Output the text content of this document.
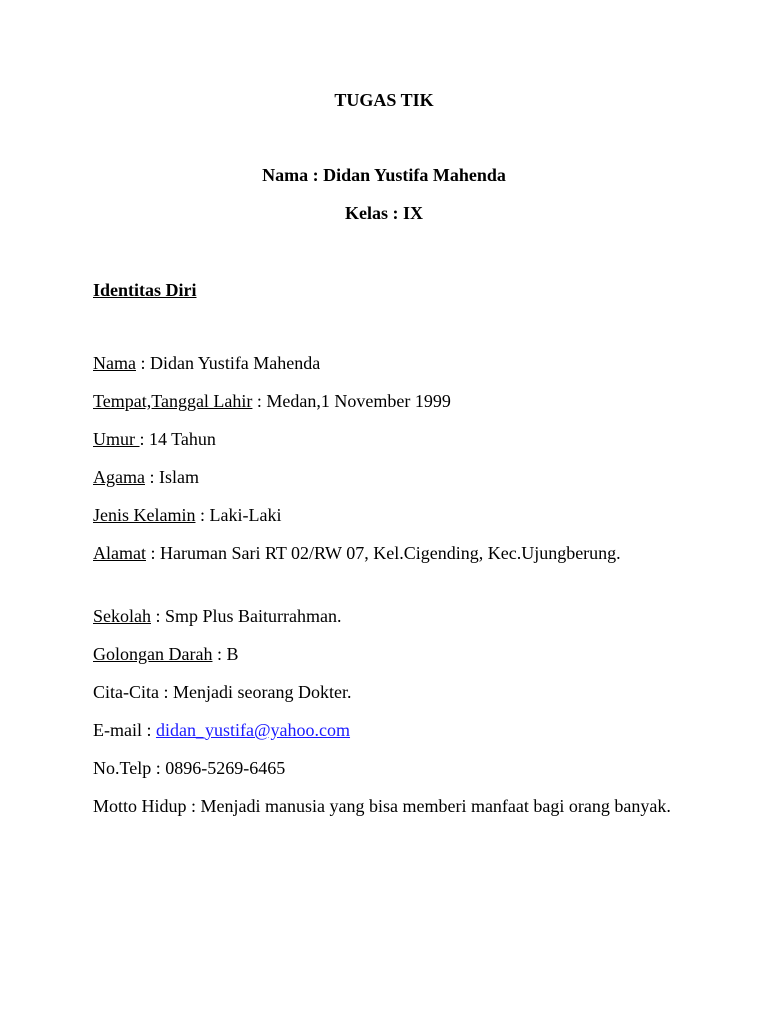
TUGAS TIK
Nama : Didan Yustifa Mahenda
Kelas : IX
Identitas Diri
Nama : Didan Yustifa Mahenda
Tempat,Tanggal Lahir : Medan,1 November 1999
Umur : 14 Tahun
Agama : Islam
Jenis Kelamin : Laki-Laki
Alamat : Haruman Sari RT 02/RW 07, Kel.Cigending, Kec.Ujungberung.
Sekolah : Smp Plus Baiturrahman.
Golongan Darah : B
Cita-Cita : Menjadi seorang Dokter.
E-mail : didan_yustifa@yahoo.com
No.Telp : 0896-5269-6465
Motto Hidup : Menjadi manusia yang bisa memberi manfaat bagi orang banyak.
